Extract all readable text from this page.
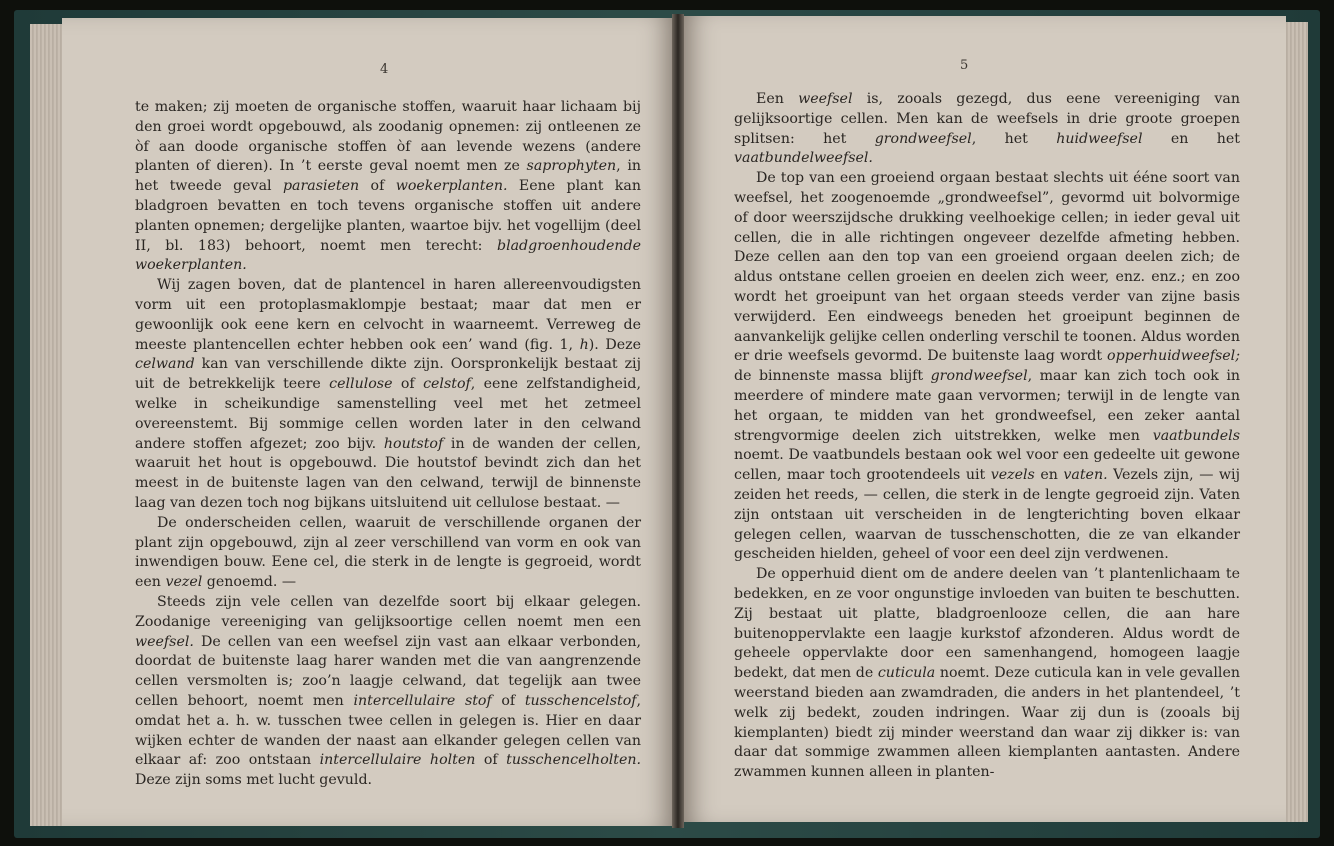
4

te maken; zij moeten de organische stoffen, waaruit haar lichaam bij den groei wordt opgebouwd, als zoodanig opnemen: zij ontleenen ze òf aan doode organische stoffen òf aan levende wezens (andere planten of dieren). In ’t eerste geval noemt men ze saprophyten, in het tweede geval parasieten of woekerplanten. Eene plant kan bladgroen bevatten en toch tevens organische stoffen uit andere planten opnemen; dergelijke planten, waartoe bijv. het vogellijm (deel II, bl. 183) behoort, noemt men terecht: bladgroenhoudende woekerplanten.

Wij zagen boven, dat de plantencel in haren allereenvoudigsten vorm uit een protoplasmaklompje bestaat; maar dat men er gewoonlijk ook eene kern en celvocht in waarneemt. Verreweg de meeste plantencellen echter hebben ook een’ wand (fig. 1, h). Deze celwand kan van verschillende dikte zijn. Oorspronkelijk bestaat zij uit de betrekkelijk teere cellulose of celstof, eene zelfstandigheid, welke in scheikundige samenstelling veel met het zetmeel overeenstemt. Bij sommige cellen worden later in den celwand andere stoffen afgezet; zoo bijv. houtstof in de wanden der cellen, waaruit het hout is opgebouwd. Die houtstof bevindt zich dan het meest in de buitenste lagen van den celwand, terwijl de binnenste laag van dezen toch nog bijkans uitsluitend uit cellulose bestaat. —

De onderscheiden cellen, waaruit de verschillende organen der plant zijn opgebouwd, zijn al zeer verschillend van vorm en ook van inwendigen bouw. Eene cel, die sterk in de lengte is gegroeid, wordt een vezel genoemd. —

Steeds zijn vele cellen van dezelfde soort bij elkaar gelegen. Zoodanige vereeniging van gelijksoortige cellen noemt men een weefsel. De cellen van een weefsel zijn vast aan elkaar verbonden, doordat de buitenste laag harer wanden met die van aangrenzende cellen versmolten is; zoo’n laagje celwand, dat tegelijk aan twee cellen behoort, noemt men intercellulaire stof of tusschencelstof, omdat het a. h. w. tusschen twee cellen in gelegen is. Hier en daar wijken echter de wanden der naast aan elkander gelegen cellen van elkaar af: zoo ontstaan intercellulaire holten of tusschencelholten. Deze zijn soms met lucht gevuld.

5

Een weefsel is, zooals gezegd, dus eene vereeniging van gelijksoortige cellen. Men kan de weefsels in drie groote groepen splitsen: het grondweefsel, het huidweefsel en het vaatbundelweefsel.

De top van een groeiend orgaan bestaat slechts uit ééne soort van weefsel, het zoogenoemde „grondweefsel”, gevormd uit bolvormige of door weerszijdsche drukking veelhoekige cellen; in ieder geval uit cellen, die in alle richtingen ongeveer dezelfde afmeting hebben. Deze cellen aan den top van een groeiend orgaan deelen zich; de aldus ontstane cellen groeien en deelen zich weer, enz. enz.; en zoo wordt het groeipunt van het orgaan steeds verder van zijne basis verwijderd. Een eindweegs beneden het groeipunt beginnen de aanvankelijk gelijke cellen onderling verschil te toonen. Aldus worden er drie weefsels gevormd. De buitenste laag wordt opperhuidweefsel; de binnenste massa blijft grondweefsel, maar kan zich toch ook in meerdere of mindere mate gaan vervormen; terwijl in de lengte van het orgaan, te midden van het grondweefsel, een zeker aantal strengvormige deelen zich uitstrekken, welke men vaatbundels noemt. De vaatbundels bestaan ook wel voor een gedeelte uit gewone cellen, maar toch grootendeels uit vezels en vaten. Vezels zijn, — wij zeiden het reeds, — cellen, die sterk in de lengte gegroeid zijn. Vaten zijn ontstaan uit verscheiden in de lengterichting boven elkaar gelegen cellen, waarvan de tusschenschotten, die ze van elkander gescheiden hielden, geheel of voor een deel zijn verdwenen.

De opperhuid dient om de andere deelen van ’t plantenlichaam te bedekken, en ze voor ongunstige invloeden van buiten te beschutten. Zij bestaat uit platte, bladgroenlooze cellen, die aan hare buitenoppervlakte een laagje kurkstof afzonderen. Aldus wordt de geheele oppervlakte door een samenhangend, homogeen laagje bedekt, dat men de cuticula noemt. Deze cuticula kan in vele gevallen weerstand bieden aan zwamdraden, die anders in het plantendeel, ’t welk zij bedekt, zouden indringen. Waar zij dun is (zooals bij kiemplanten) biedt zij minder weerstand dan waar zij dikker is: van daar dat sommige zwammen alleen kiemplanten aantasten. Andere zwammen kunnen alleen in planten-
